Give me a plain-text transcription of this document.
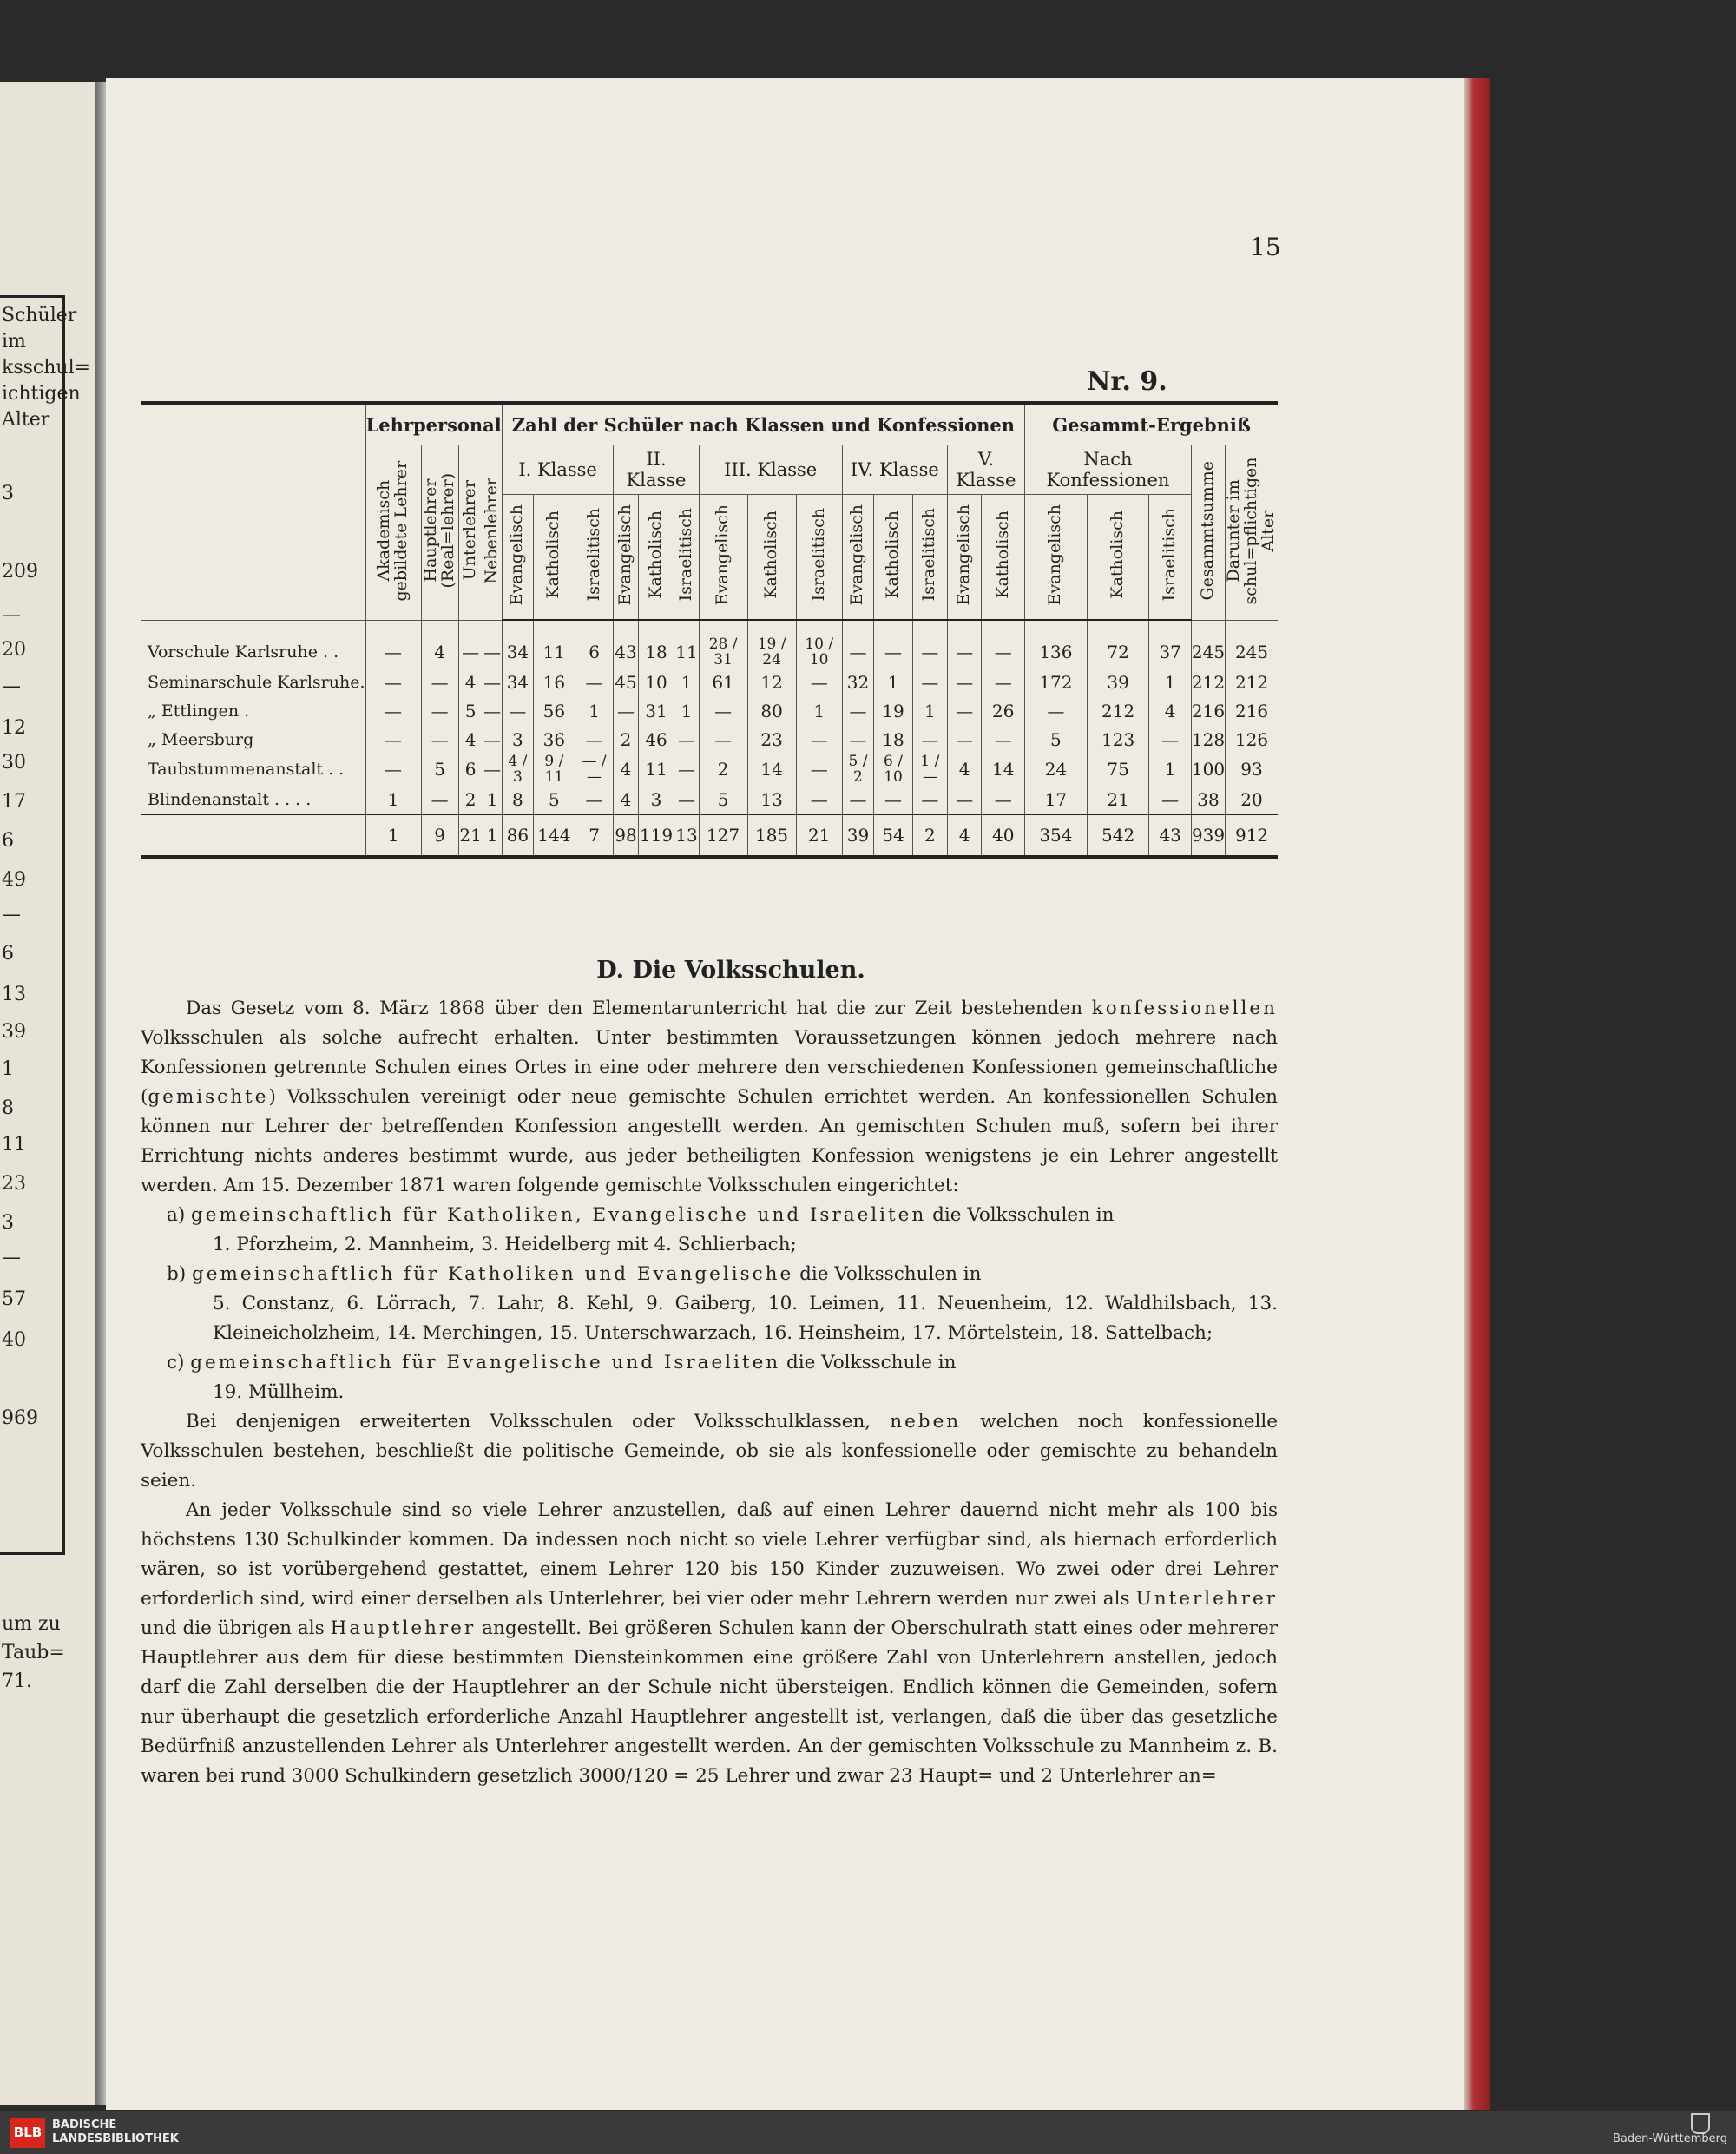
Schüler
im
ksschul=
ichtigen
Alter
3
209
—
20
—
12
30
17
6
49
—
6
13
39
1
8
11
23
3
—
57
40
969
um zu
Taub=
71.
15
Nr. 9.
	Lehrpersonal				Zahl der Schüler nach Klassen und Konfessionen														Gesammt-Ergebniß				
	Akademisch gebildete Lehrer	Hauptlehrer (Real=lehrer)	Unterlehrer	Nebenlehrer	I. Klasse			II. Klasse			III. Klasse			IV. Klasse			V. Klasse		Nach Konfessionen			Gesammtsumme	Darunter im schul=pflichtigen Alter
					Evangelisch	Katholisch	Israelitisch	Evangelisch	Katholisch	Israelitisch	Evangelisch	Katholisch	Israelitisch	Evangelisch	Katholisch	Israelitisch	Evangelisch	Katholisch	Evangelisch	Katholisch	Israelitisch		

Vorschule Karlsruhe . .	—	4	—	—	34	11	6	43	18	11	28 / 31	19 / 24	10 / 10	—	—	—	—	—	136	72	37	245	245
Seminarschule Karlsruhe.	—	—	4	—	34	16	—	45	10	1	61	12	—	32	1	—	—	—	172	39	1	212	212
„ Ettlingen .	—	—	5	—	—	56	1	—	31	1	—	80	1	—	19	1	—	26	—	212	4	216	216
„ Meersburg	—	—	4	—	3	36	—	2	46	—	—	23	—	—	18	—	—	—	5	123	—	128	126
Taubstummenanstalt . .	—	5	6	—	4 / 3	9 / 11	— / —	4	11	—	2	14	—	5 / 2	6 / 10	1 / —	4	14	24	75	1	100	93
Blindenanstalt . . . .	1	—	2	1	8	5	—	4	3	—	5	13	—	—	—	—	—	—	17	21	—	38	20
	1	9	21	1	86	144	7	98	119	13	127	185	21	39	54	2	4	40	354	542	43	939	912
D. Die Volksschulen.

Das Gesetz vom 8. März 1868 über den Elementarunterricht hat die zur Zeit bestehenden konfessionellen Volksschulen als solche aufrecht erhalten. Unter bestimmten Voraussetzungen können jedoch mehrere nach Konfessionen getrennte Schulen eines Ortes in eine oder mehrere den verschiedenen Konfessionen gemeinschaftliche (gemischte) Volksschulen vereinigt oder neue gemischte Schulen errichtet werden. An konfessionellen Schulen können nur Lehrer der betreffenden Konfession angestellt werden. An gemischten Schulen muß, sofern bei ihrer Errichtung nichts anderes bestimmt wurde, aus jeder betheiligten Konfession wenigstens je ein Lehrer angestellt werden. Am 15. Dezember 1871 waren folgende gemischte Volksschulen eingerichtet:

a) gemeinschaftlich für Katholiken, Evangelische und Israeliten die Volksschulen in

1. Pforzheim, 2. Mannheim, 3. Heidelberg mit 4. Schlierbach;

b) gemeinschaftlich für Katholiken und Evangelische die Volksschulen in

5. Constanz, 6. Lörrach, 7. Lahr, 8. Kehl, 9. Gaiberg, 10. Leimen, 11. Neuenheim, 12. Waldhilsbach, 13. Kleineicholzheim, 14. Merchingen, 15. Unterschwarzach, 16. Heinsheim, 17. Mörtelstein, 18. Sattelbach;

c) gemeinschaftlich für Evangelische und Israeliten die Volksschule in

19. Müllheim.

Bei denjenigen erweiterten Volksschulen oder Volksschulklassen, neben welchen noch konfessionelle Volksschulen bestehen, beschließt die politische Gemeinde, ob sie als konfessionelle oder gemischte zu behandeln seien.

An jeder Volksschule sind so viele Lehrer anzustellen, daß auf einen Lehrer dauernd nicht mehr als 100 bis höchstens 130 Schulkinder kommen. Da indessen noch nicht so viele Lehrer verfügbar sind, als hiernach erforderlich wären, so ist vorübergehend gestattet, einem Lehrer 120 bis 150 Kinder zuzuweisen. Wo zwei oder drei Lehrer erforderlich sind, wird einer derselben als Unterlehrer, bei vier oder mehr Lehrern werden nur zwei als Unterlehrer und die übrigen als Hauptlehrer angestellt. Bei größeren Schulen kann der Oberschulrath statt eines oder mehrerer Hauptlehrer aus dem für diese bestimmten Diensteinkommen eine größere Zahl von Unterlehrern anstellen, jedoch darf die Zahl derselben die der Hauptlehrer an der Schule nicht übersteigen. Endlich können die Gemeinden, sofern nur überhaupt die gesetzlich erforderliche Anzahl Hauptlehrer angestellt ist, verlangen, daß die über das gesetzliche Bedürfniß anzustellenden Lehrer als Unterlehrer angestellt werden. An der gemischten Volksschule zu Mannheim z. B. waren bei rund 3000 Schulkindern gesetzlich 3000/120 = 25 Lehrer und zwar 23 Haupt= und 2 Unterlehrer an=

BLB BADISCHE
LANDESBIBLIOTHEK	Baden-Württemberg
